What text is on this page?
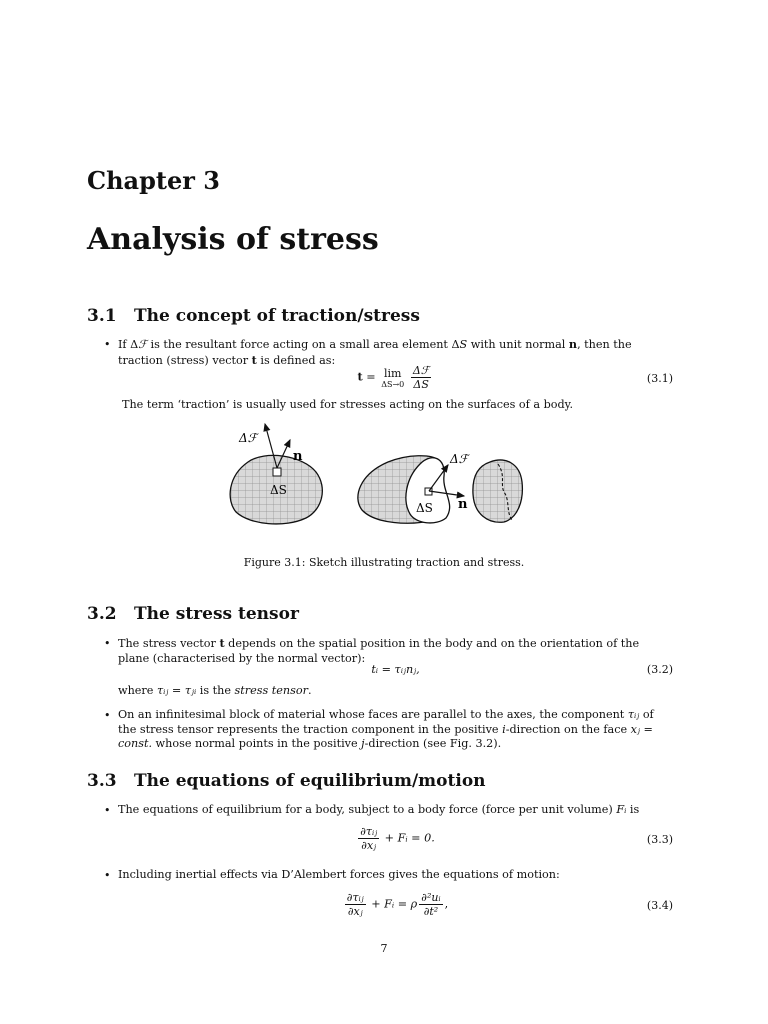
Chapter 3
Analysis of stress
3.1 The concept of traction/stress
• If Δℱ is the resultant force acting on a small area element ΔS with unit normal n, then the traction (stress) vector t is defined as:
t = lim
ΔS→0
$\frac{\text{Δℱ}}{\Delta S}$	(3.1)
The term ‘traction’ is usually used for stresses acting on the surfaces of a body.
Δℱ
n
ΔS
Δℱ
ΔS n
Figure 3.1: Sketch illustrating traction and stress.
3.2 The stress tensor
• The stress vector t depends on the spatial position in the body and on the orientation of the plane (characterised by the normal vector):
tᵢ = τᵢⱼnⱼ,	(3.2)
where τᵢⱼ = τⱼᵢ is the stress tensor.
• On an infinitesimal block of material whose faces are parallel to the axes, the component τᵢⱼ of the stress tensor represents the traction component in the positive i-direction on the face xⱼ = const. whose normal points in the positive j-direction (see Fig. 3.2).
3.3 The equations of equilibrium/motion
• The equations of equilibrium for a body, subject to a body force (force per unit volume) Fᵢ is
$\frac{\text{∂τᵢⱼ}}{\text{∂xⱼ}}$ + Fᵢ = 0.	(3.3)
• Including inertial effects via D’Alembert forces gives the equations of motion:
$\frac{\text{∂τᵢⱼ}}{\text{∂xⱼ}}$ + Fᵢ = ρ $\frac{\text{∂²uᵢ}}{\text{∂t²}}$ ,	(3.4)
7
